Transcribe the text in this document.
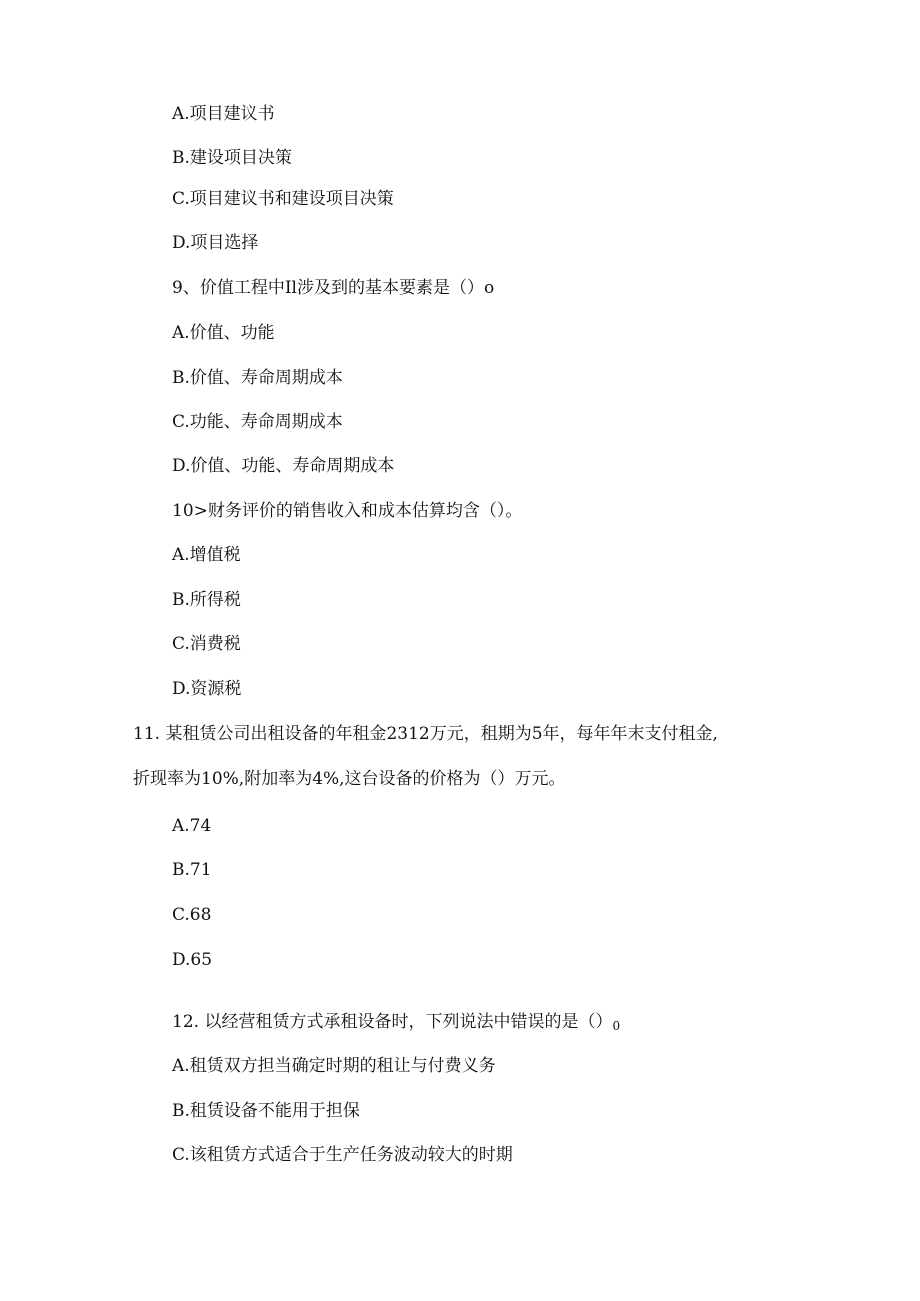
A.项目建议书
B.建设项目决策
C.项目建议书和建设项目决策
D.项目选择
9、价值工程中Il涉及到的基本要素是（）o
A.价值、功能
B.价值、寿命周期成本
C.功能、寿命周期成本
D.价值、功能、寿命周期成本
10>财务评价的销售收入和成本估算均含（）。
A.增值税
B.所得税
C.消费税
D.资源税
11. 某租赁公司出租设备的年租金2312万元，租期为5年，每年年末支付租金,
折现率为10%,附加率为4%,这台设备的价格为（）万元。
A.74
B.71
C.68
D.65
12. 以经营租赁方式承租设备时，下列说法中错误的是（）0
A.租赁双方担当确定时期的租让与付费义务
B.租赁设备不能用于担保
C.该租赁方式适合于生产任务波动较大的时期
